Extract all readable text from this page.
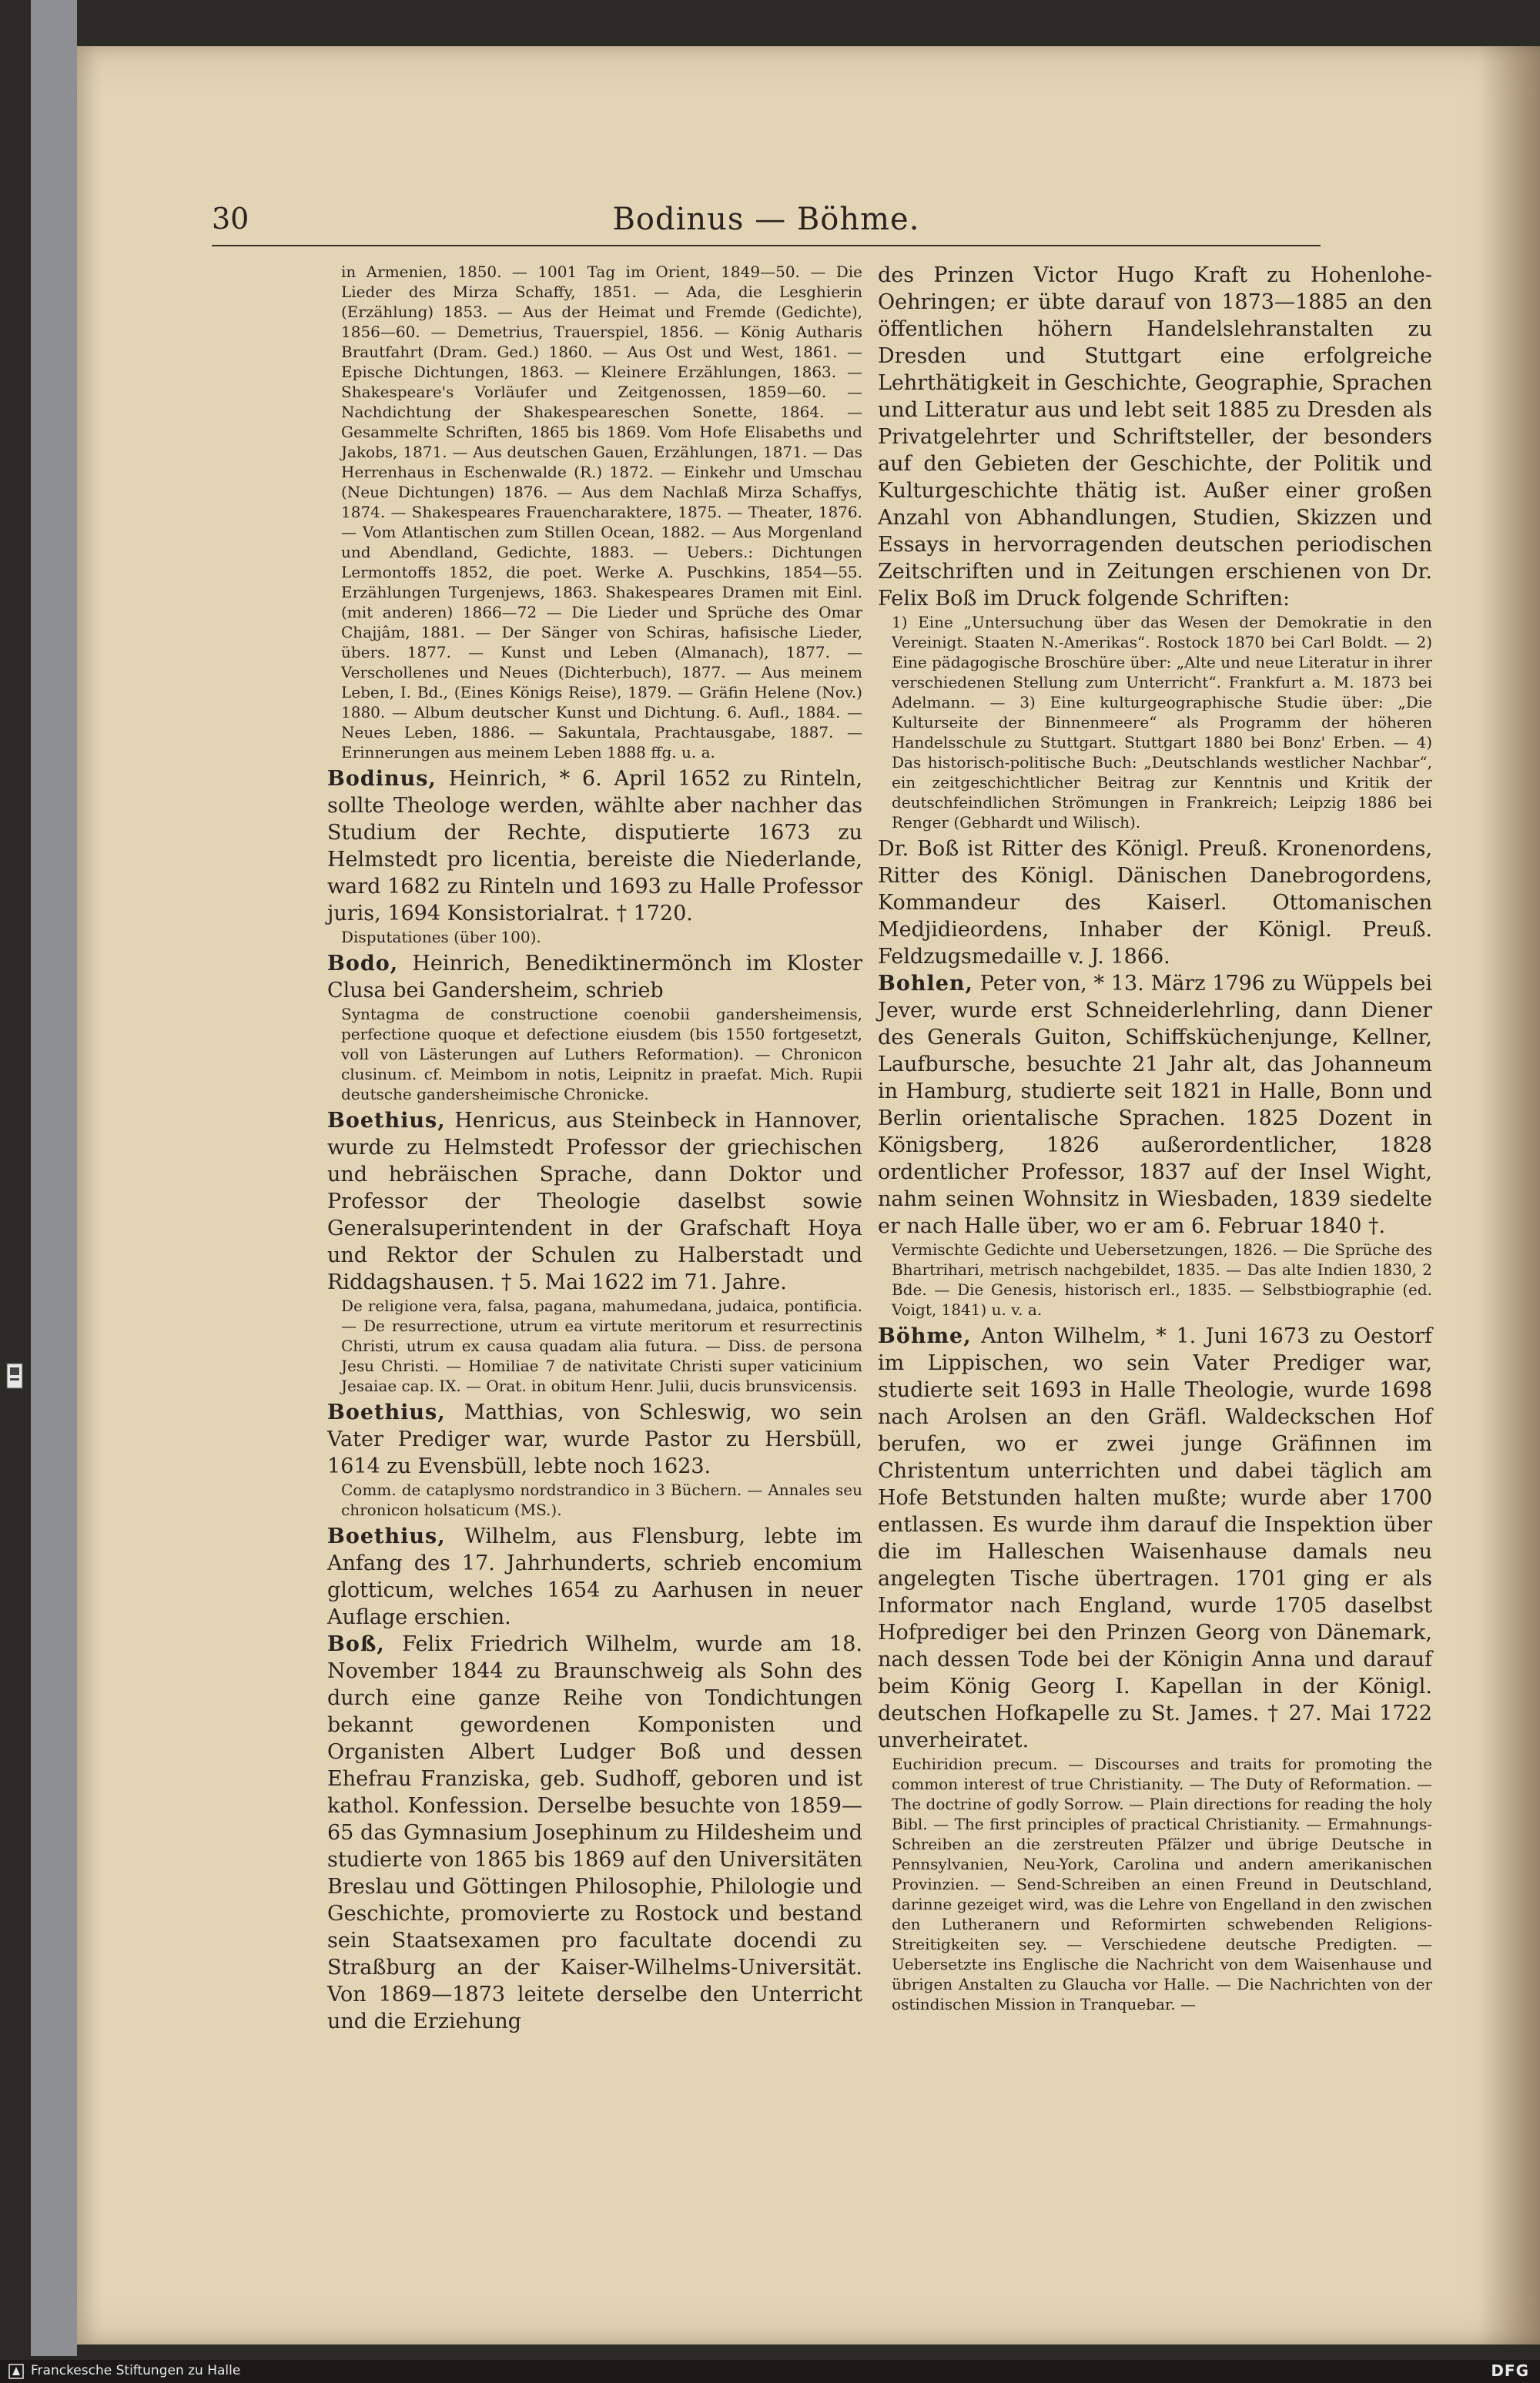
30	Bodinus — Böhme.

in Armenien, 1850. — 1001 Tag im Orient, 1849—50. — Die Lieder des Mirza Schaffy, 1851. — Ada, die Lesghierin (Erzählung) 1853. — Aus der Heimat und Fremde (Gedichte), 1856—60. — Demetrius, Trauerspiel, 1856. — König Autharis Brautfahrt (Dram. Ged.) 1860. — Aus Ost und West, 1861. — Epische Dichtungen, 1863. — Kleinere Erzählungen, 1863. — Shakespeare's Vorläufer und Zeitgenossen, 1859—60. — Nachdichtung der Shakespeareschen Sonette, 1864. — Gesammelte Schriften, 1865 bis 1869. Vom Hofe Elisabeths und Jakobs, 1871. — Aus deutschen Gauen, Erzählungen, 1871. — Das Herrenhaus in Eschenwalde (R.) 1872. — Einkehr und Umschau (Neue Dichtungen) 1876. — Aus dem Nachlaß Mirza Schaffys, 1874. — Shakespeares Frauencharaktere, 1875. — Theater, 1876. — Vom Atlantischen zum Stillen Ocean, 1882. — Aus Morgenland und Abendland, Gedichte, 1883. — Uebers.: Dichtungen Lermontoffs 1852, die poet. Werke A. Puschkins, 1854—55. Erzählungen Turgenjews, 1863. Shakespeares Dramen mit Einl. (mit anderen) 1866—72 — Die Lieder und Sprüche des Omar Chajjâm, 1881. — Der Sänger von Schiras, hafisische Lieder, übers. 1877. — Kunst und Leben (Almanach), 1877. — Verschollenes und Neues (Dichterbuch), 1877. — Aus meinem Leben, I. Bd., (Eines Königs Reise), 1879. — Gräfin Helene (Nov.) 1880. — Album deutscher Kunst und Dichtung. 6. Aufl., 1884. — Neues Leben, 1886. — Sakuntala, Prachtausgabe, 1887. — Erinnerungen aus meinem Leben 1888 ffg. u. a.

Bodinus, Heinrich, * 6. April 1652 zu Rinteln, sollte Theologe werden, wählte aber nachher das Studium der Rechte, disputierte 1673 zu Helmstedt pro licentia, bereiste die Niederlande, ward 1682 zu Rinteln und 1693 zu Halle Professor juris, 1694 Konsistorialrat. † 1720.

Disputationes (über 100).

Bodo, Heinrich, Benediktinermönch im Kloster Clusa bei Gandersheim, schrieb

Syntagma de constructione coenobii gandersheimensis, perfectione quoque et defectione eiusdem (bis 1550 fortgesetzt, voll von Lästerungen auf Luthers Reformation). — Chronicon clusinum. cf. Meimbom in notis, Leipnitz in praefat. Mich. Rupii deutsche gandersheimische Chronicke.

Boethius, Henricus, aus Steinbeck in Hannover, wurde zu Helmstedt Professor der griechischen und hebräischen Sprache, dann Doktor und Professor der Theologie daselbst sowie Generalsuperintendent in der Grafschaft Hoya und Rektor der Schulen zu Halberstadt und Riddagshausen. † 5. Mai 1622 im 71. Jahre.

De religione vera, falsa, pagana, mahumedana, judaica, pontificia. — De resurrectione, utrum ea virtute meritorum et resurrectinis Christi, utrum ex causa quadam alia futura. — Diss. de persona Jesu Christi. — Homiliae 7 de nativitate Christi super vaticinium Jesaiae cap. IX. — Orat. in obitum Henr. Julii, ducis brunsvicensis.

Boethius, Matthias, von Schleswig, wo sein Vater Prediger war, wurde Pastor zu Hersbüll, 1614 zu Evensbüll, lebte noch 1623.

Comm. de cataplysmo nordstrandico in 3 Büchern. — Annales seu chronicon holsaticum (MS.).

Boethius, Wilhelm, aus Flensburg, lebte im Anfang des 17. Jahrhunderts, schrieb encomium glotticum, welches 1654 zu Aarhusen in neuer Auflage erschien.

Boß, Felix Friedrich Wilhelm, wurde am 18. November 1844 zu Braunschweig als Sohn des durch eine ganze Reihe von Tondichtungen bekannt gewordenen Komponisten und Organisten Albert Ludger Boß und dessen Ehefrau Franziska, geb. Sudhoff, geboren und ist kathol. Konfession. Derselbe besuchte von 1859—65 das Gymnasium Josephinum zu Hildesheim und studierte von 1865 bis 1869 auf den Universitäten Breslau und Göttingen Philosophie, Philologie und Geschichte, promovierte zu Rostock und bestand sein Staatsexamen pro facultate docendi zu Straßburg an der Kaiser-Wilhelms-Universität. Von 1869—1873 leitete derselbe den Unterricht und die Erziehung

des Prinzen Victor Hugo Kraft zu Hohenlohe-Oehringen; er übte darauf von 1873—1885 an den öffentlichen höhern Handelslehranstalten zu Dresden und Stuttgart eine erfolgreiche Lehrthätigkeit in Geschichte, Geographie, Sprachen und Litteratur aus und lebt seit 1885 zu Dresden als Privatgelehrter und Schriftsteller, der besonders auf den Gebieten der Geschichte, der Politik und Kulturgeschichte thätig ist. Außer einer großen Anzahl von Abhandlungen, Studien, Skizzen und Essays in hervorragenden deutschen periodischen Zeitschriften und in Zeitungen erschienen von Dr. Felix Boß im Druck folgende Schriften:

1) Eine „Untersuchung über das Wesen der Demokratie in den Vereinigt. Staaten N.-Amerikas“. Rostock 1870 bei Carl Boldt. — 2) Eine pädagogische Broschüre über: „Alte und neue Literatur in ihrer verschiedenen Stellung zum Unterricht“. Frankfurt a. M. 1873 bei Adelmann. — 3) Eine kulturgeographische Studie über: „Die Kulturseite der Binnenmeere“ als Programm der höheren Handelsschule zu Stuttgart. Stuttgart 1880 bei Bonz' Erben. — 4) Das historisch-politische Buch: „Deutschlands westlicher Nachbar“, ein zeitgeschichtlicher Beitrag zur Kenntnis und Kritik der deutschfeindlichen Strömungen in Frankreich; Leipzig 1886 bei Renger (Gebhardt und Wilisch).

Dr. Boß ist Ritter des Königl. Preuß. Kronenordens, Ritter des Königl. Dänischen Danebrogordens, Kommandeur des Kaiserl. Ottomanischen Medjidieordens, Inhaber der Königl. Preuß. Feldzugsmedaille v. J. 1866.

Bohlen, Peter von, * 13. März 1796 zu Wüppels bei Jever, wurde erst Schneiderlehrling, dann Diener des Generals Guiton, Schiffsküchenjunge, Kellner, Laufbursche, besuchte 21 Jahr alt, das Johanneum in Hamburg, studierte seit 1821 in Halle, Bonn und Berlin orientalische Sprachen. 1825 Dozent in Königsberg, 1826 außerordentlicher, 1828 ordentlicher Professor, 1837 auf der Insel Wight, nahm seinen Wohnsitz in Wiesbaden, 1839 siedelte er nach Halle über, wo er am 6. Februar 1840 †.

Vermischte Gedichte und Uebersetzungen, 1826. — Die Sprüche des Bhartrihari, metrisch nachgebildet, 1835. — Das alte Indien 1830, 2 Bde. — Die Genesis, historisch erl., 1835. — Selbstbiographie (ed. Voigt, 1841) u. v. a.

Böhme, Anton Wilhelm, * 1. Juni 1673 zu Oestorf im Lippischen, wo sein Vater Prediger war, studierte seit 1693 in Halle Theologie, wurde 1698 nach Arolsen an den Gräfl. Waldeckschen Hof berufen, wo er zwei junge Gräfinnen im Christentum unterrichten und dabei täglich am Hofe Betstunden halten mußte; wurde aber 1700 entlassen. Es wurde ihm darauf die Inspektion über die im Halleschen Waisenhause damals neu angelegten Tische übertragen. 1701 ging er als Informator nach England, wurde 1705 daselbst Hofprediger bei den Prinzen Georg von Dänemark, nach dessen Tode bei der Königin Anna und darauf beim König Georg I. Kapellan in der Königl. deutschen Hofkapelle zu St. James. † 27. Mai 1722 unverheiratet.

Euchiridion precum. — Discourses and traits for promoting the common interest of true Christianity. — The Duty of Reformation. — The doctrine of godly Sorrow. — Plain directions for reading the holy Bibl. — The first principles of practical Christianity. — Ermahnungs-Schreiben an die zerstreuten Pfälzer und übrige Deutsche in Pennsylvanien, Neu-York, Carolina und andern amerikanischen Provinzien. — Send-Schreiben an einen Freund in Deutschland, darinne gezeiget wird, was die Lehre von Engelland in den zwischen den Lutheranern und Reformirten schwebenden Religions-Streitigkeiten sey. — Verschiedene deutsche Predigten. — Uebersetzte ins Englische die Nachricht von dem Waisenhause und übrigen Anstalten zu Glaucha vor Halle. — Die Nachrichten von der ostindischen Mission in Tranquebar. —

Franckesche Stiftungen zu Halle	DFG
